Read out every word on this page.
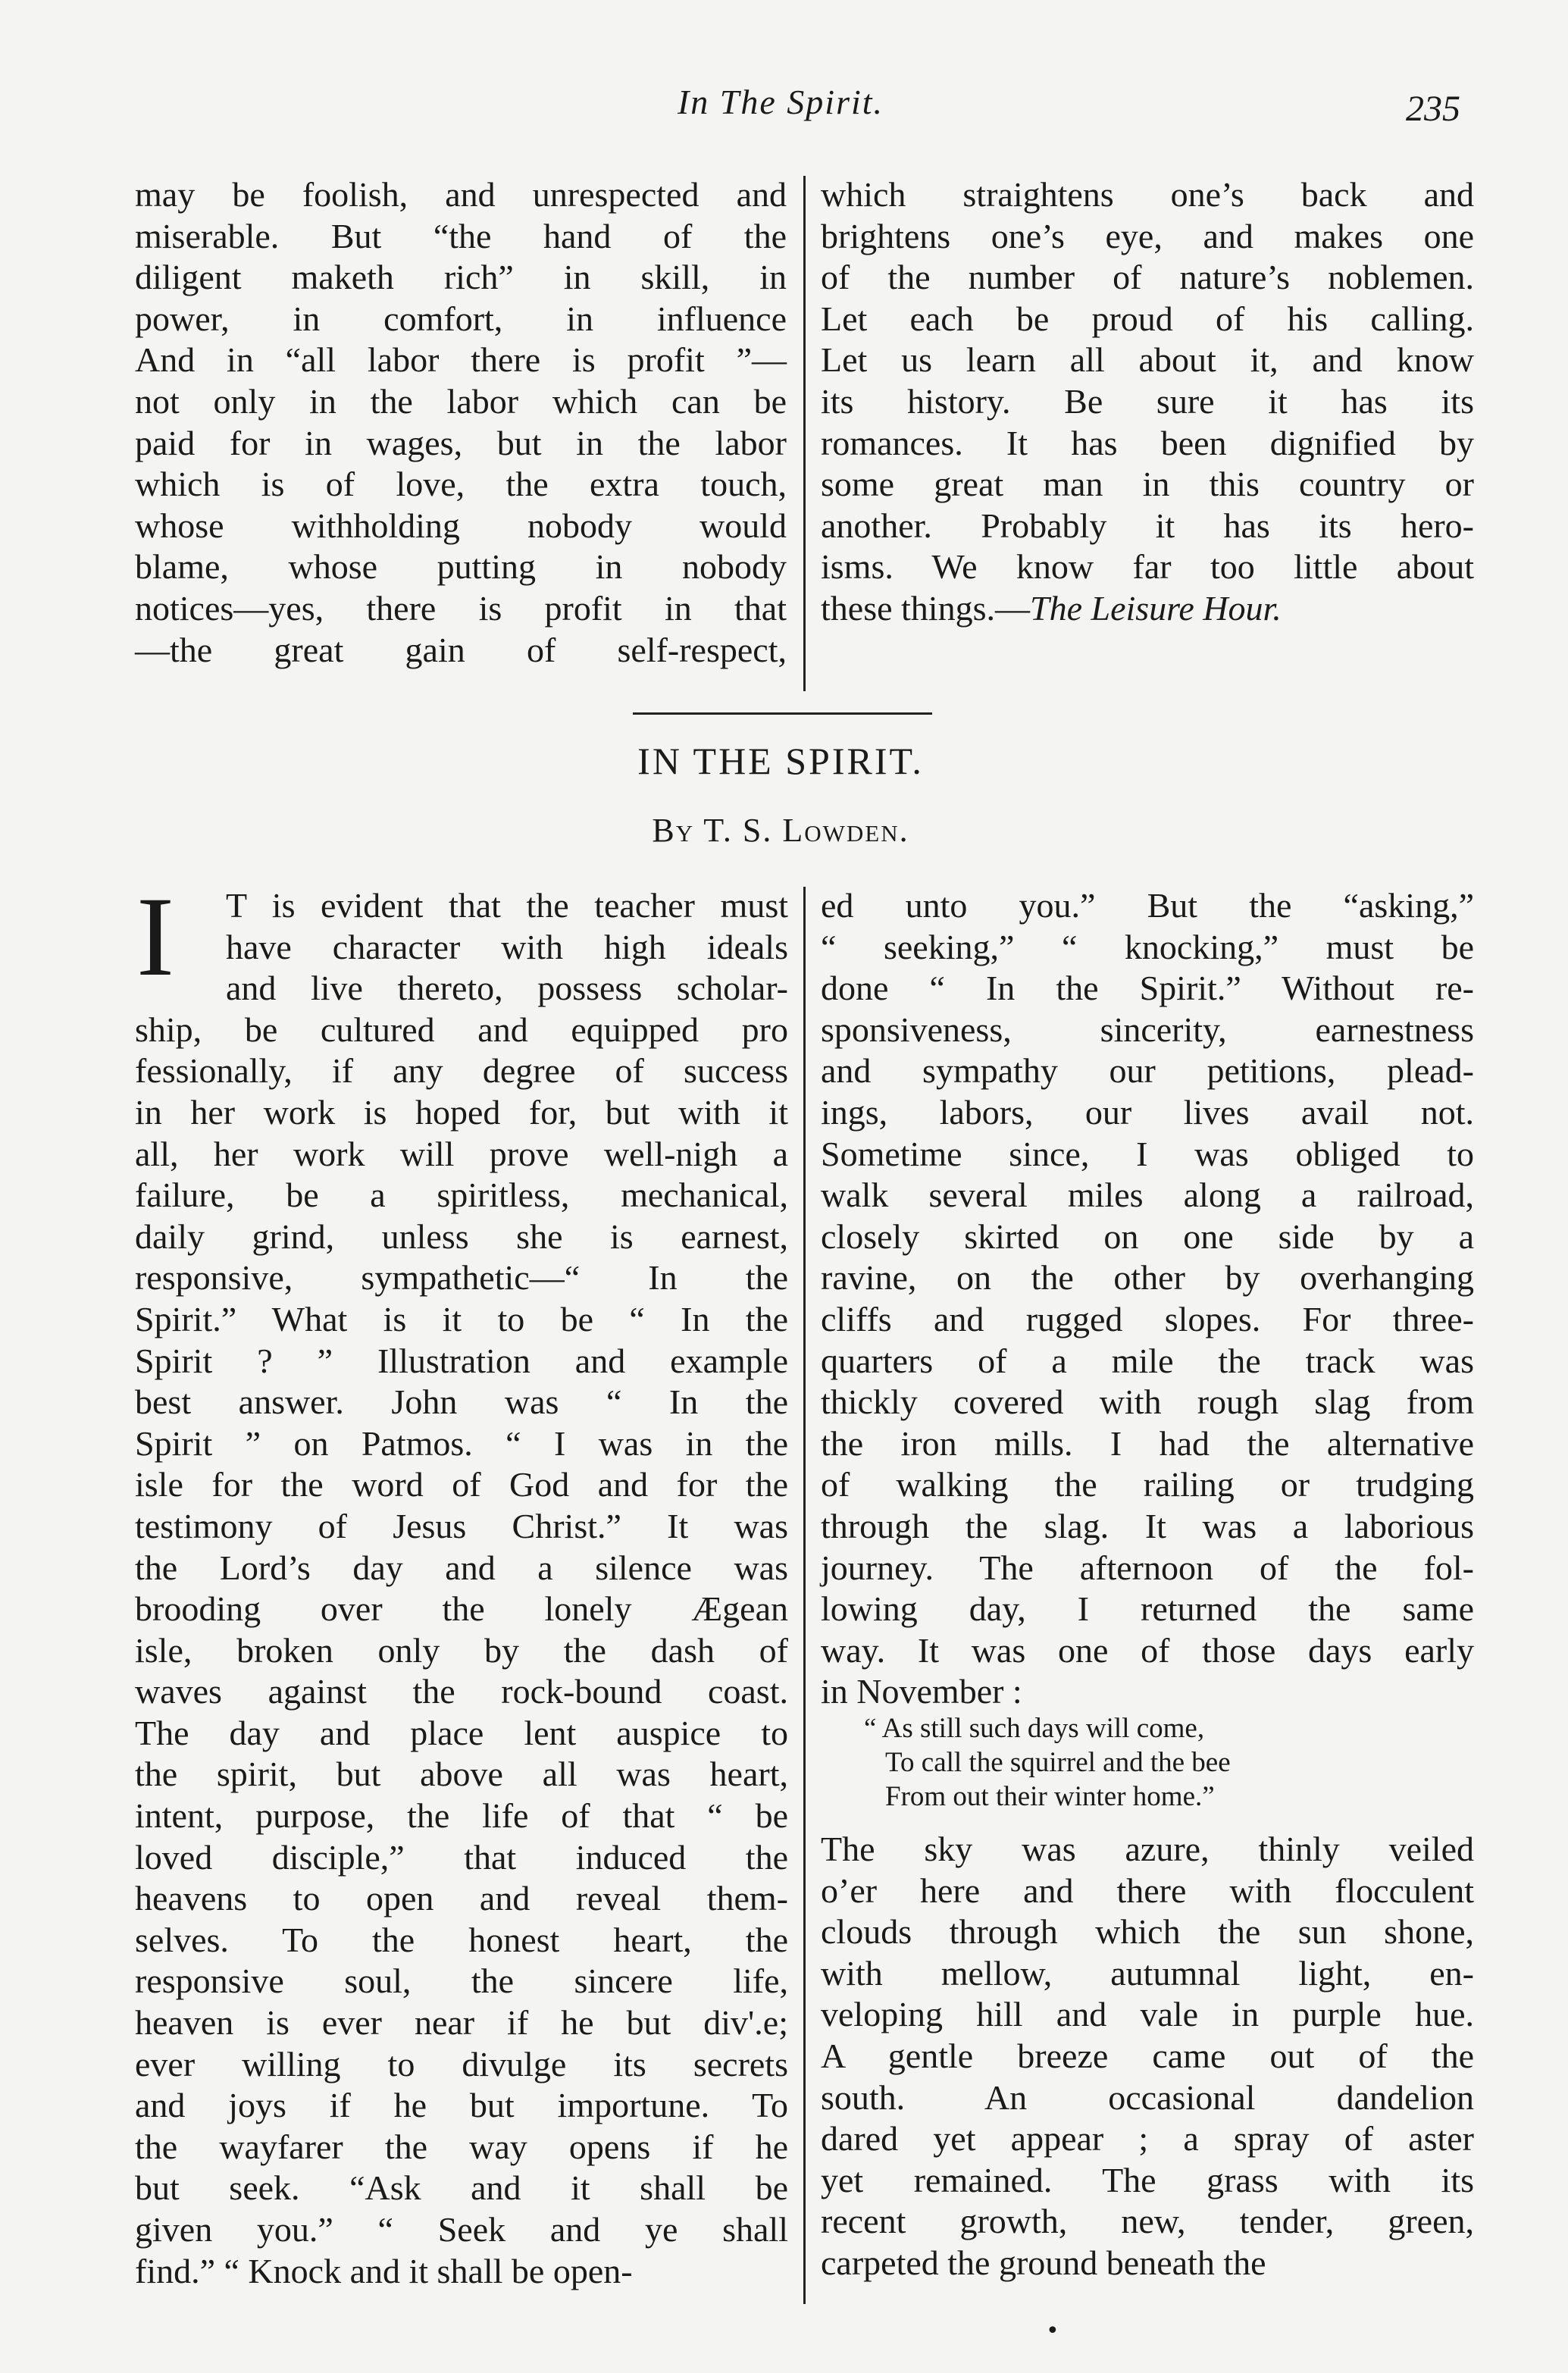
In The Spirit.	235
may be foolish, and unrespected and
miserable. But “the hand of the
diligent maketh rich” in skill, in
power, in comfort, in influence
And in “all labor there is profit ”—
not only in the labor which can be
paid for in wages, but in the labor
which is of love, the extra touch,
whose withholding nobody would
blame, whose putting in nobody
notices—yes, there is profit in that
—the great gain of self-respect,
which straightens one’s back and
brightens one’s eye, and makes one
of the number of nature’s noblemen.
Let each be proud of his calling.
Let us learn all about it, and know
its history. Be sure it has its
romances. It has been dignified by
some great man in this country or
another. Probably it has its hero-
isms. We know far too little about
these things.—The Leisure Hour.
IN THE SPIRIT.
By T. S. Lowden.
I	T is evident that the teacher must
have character with high ideals
and live thereto, possess scholar-
ship, be cultured and equipped pro
fessionally, if any degree of success
in her work is hoped for, but with it
all, her work will prove well-nigh a
failure, be a spiritless, mechanical,
daily grind, unless she is earnest,
responsive, sympathetic—“ In the
Spirit.” What is it to be “ In the
Spirit ? ” Illustration and example
best answer. John was “ In the
Spirit ” on Patmos. “ I was in the
isle for the word of God and for the
testimony of Jesus Christ.” It was
the Lord’s day and a silence was
brooding over the lonely Ægean
isle, broken only by the dash of
waves against the rock-bound coast.
The day and place lent auspice to
the spirit, but above all was heart,
intent, purpose, the life of that “ be
loved disciple,” that induced the
heavens to open and reveal them-
selves. To the honest heart, the
responsive soul, the sincere life,
heaven is ever near if he but div'.e;
ever willing to divulge its secrets
and joys if he but importune. To
the wayfarer the way opens if he
but seek. “Ask and it shall be
given you.” “ Seek and ye shall
find.” “ Knock and it shall be open-
ed unto you.” But the “asking,”
“ seeking,” “ knocking,” must be
done “ In the Spirit.” Without re-
sponsiveness, sincerity, earnestness
and sympathy our petitions, plead-
ings, labors, our lives avail not.
Sometime since, I was obliged to
walk several miles along a railroad,
closely skirted on one side by a
ravine, on the other by overhanging
cliffs and rugged slopes. For three-
quarters of a mile the track was
thickly covered with rough slag from
the iron mills. I had the alternative
of walking the railing or trudging
through the slag. It was a laborious
journey. The afternoon of the fol-
lowing day, I returned the same
way. It was one of those days early
in November :
“ As still such days will come,
To call the squirrel and the bee
From out their winter home.”
The sky was azure, thinly veiled
o’er here and there with flocculent
clouds through which the sun shone,
with mellow, autumnal light, en-
veloping hill and vale in purple hue.
A gentle breeze came out of the
south. An occasional dandelion
dared yet appear ; a spray of aster
yet remained. The grass with its
recent growth, new, tender, green,
carpeted the ground beneath the
•
